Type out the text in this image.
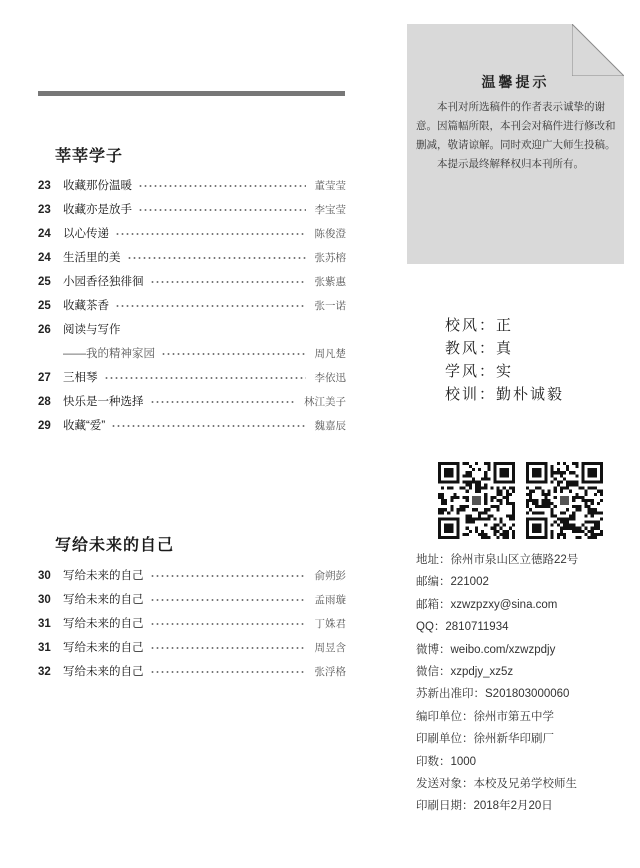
莘莘学子
23	收藏那份温暖	董莹莹
23	收藏亦是放手	李宝莹
24	以心传递	陈俊澄
24	生活里的美	张苏榕
25	小园香径独徘徊	张紫惠
25	收藏茶香	张一诺
26	阅读与写作
——我的精神家园	周凡楚
27	三相琴	李依迅
28	快乐是一种选择	林江美子
29	收藏“爱”	魏嘉辰
写给未来的自己
30	写给未来的自己	俞朔彭
30	写给未来的自己	孟雨璇
31	写给未来的自己	丁姝君
31	写给未来的自己	周昱含
32	写给未来的自己	张浮格
温馨提示

本刊对所选稿件的作者表示诚挚的谢意。因篇幅所限，本刊会对稿件进行修改和删减，敬请谅解。同时欢迎广大师生投稿。

本提示最终解释权归本刊所有。

校风：正
教风：真
学风：实
校训：勤朴诚毅
地址：徐州市泉山区立德路22号
邮编：221002
邮箱：xzwzpzxy@sina.com
QQ：2810711934
微博：weibo.com/xzwzpdjy
微信：xzpdjy_xz5z
苏新出准印：S201803000060
编印单位：徐州市第五中学
印刷单位：徐州新华印刷厂
印数：1000
发送对象：本校及兄弟学校师生
印刷日期：2018年2月20日
